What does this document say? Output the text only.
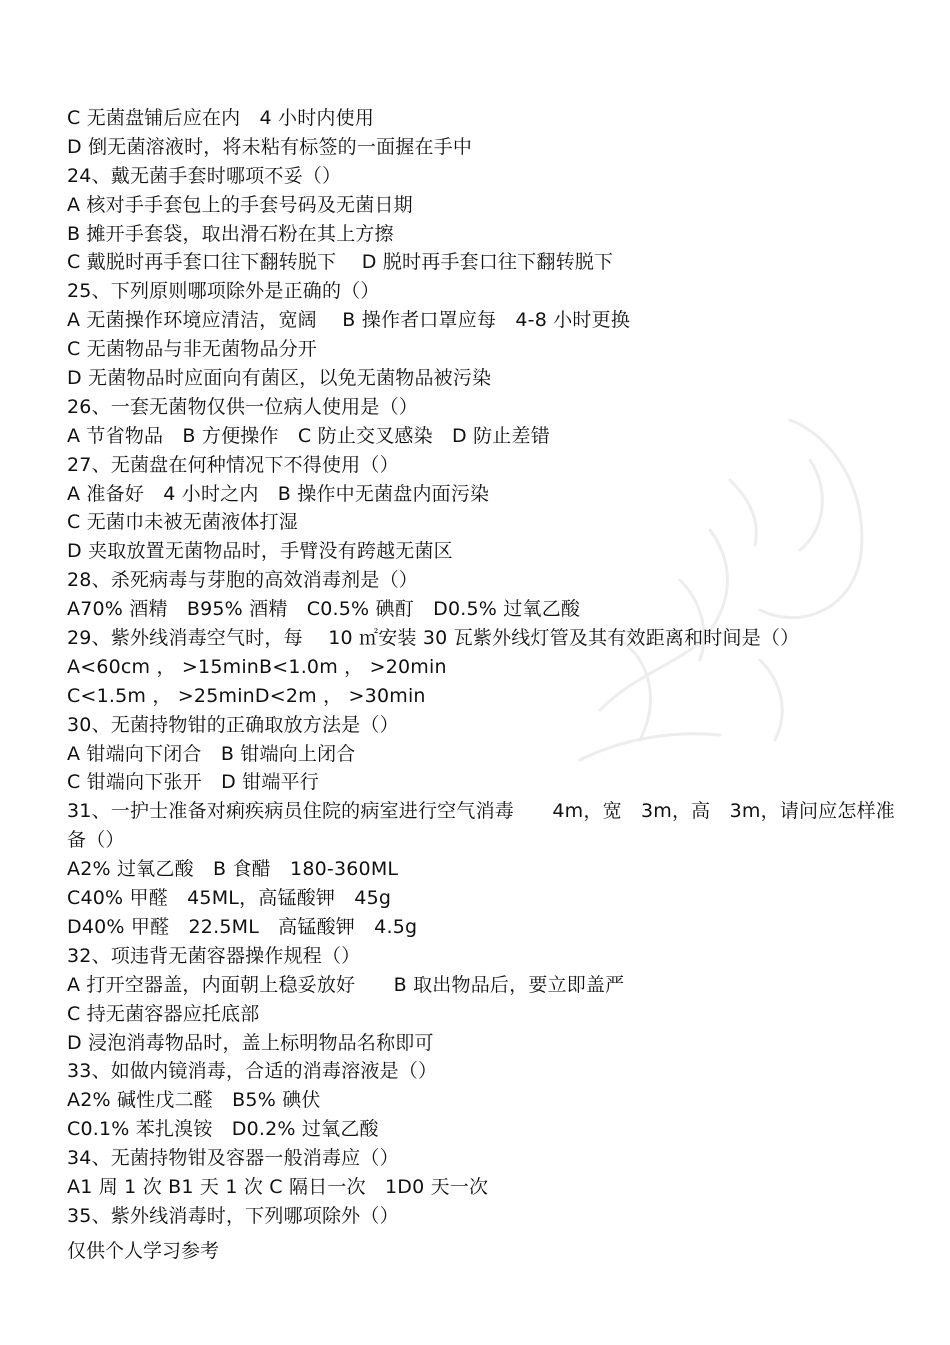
C 无菌盘铺后应在内　4 小时内使用
D 倒无菌溶液时，将未粘有标签的一面握在手中
24、戴无菌手套时哪项不妥（）
A 核对手手套包上的手套号码及无菌日期
B 摊开手套袋，取出滑石粉在其上方擦
C 戴脱时再手套口往下翻转脱下　 D 脱时再手套口往下翻转脱下
25、下列原则哪项除外是正确的（）
A 无菌操作环境应清洁，宽阔　 B 操作者口罩应每　4-8 小时更换
C 无菌物品与非无菌物品分开
D 无菌物品时应面向有菌区，以免无菌物品被污染
26、一套无菌物仅供一位病人使用是（）
A 节省物品　B 方便操作　C 防止交叉感染　D 防止差错
27、无菌盘在何种情况下不得使用（）
A 准备好　4 小时之内　B 操作中无菌盘内面污染
C 无菌巾未被无菌液体打湿
D 夹取放置无菌物品时，手臂没有跨越无菌区
28、杀死病毒与芽胞的高效消毒剂是（）
A70% 酒精　B95% 酒精　C0.5% 碘酊　D0.5% 过氧乙酸
29、紫外线消毒空气时，每　 10 ㎡安装 30 瓦紫外线灯管及其有效距离和时间是（）
A<60cm ， >15minB<1.0m ， >20min
C<1.5m ， >25minD<2m ， >30min
30、无菌持物钳的正确取放方法是（）
A 钳端向下闭合　B 钳端向上闭合
C 钳端向下张开　D 钳端平行
31、一护士准备对痢疾病员住院的病室进行空气消毒　　4m，宽　3m，高　3m，请问应怎样准备（）
A2% 过氧乙酸　B 食醋　180-360ML
C40% 甲醛　45ML，高锰酸钾　45g
D40% 甲醛　22.5ML　高锰酸钾　4.5g
32、项违背无菌容器操作规程（）
A 打开空器盖，内面朝上稳妥放好　　B 取出物品后，要立即盖严
C 持无菌容器应托底部
D 浸泡消毒物品时，盖上标明物品名称即可
33、如做内镜消毒，合适的消毒溶液是（）
A2% 碱性戊二醛　B5% 碘伏
C0.1% 苯扎溴铵　D0.2% 过氧乙酸
34、无菌持物钳及容器一般消毒应（）
A1 周 1 次 B1 天 1 次 C 隔日一次　1D0 天一次
35、紫外线消毒时，下列哪项除外（）
仅供个人学习参考
